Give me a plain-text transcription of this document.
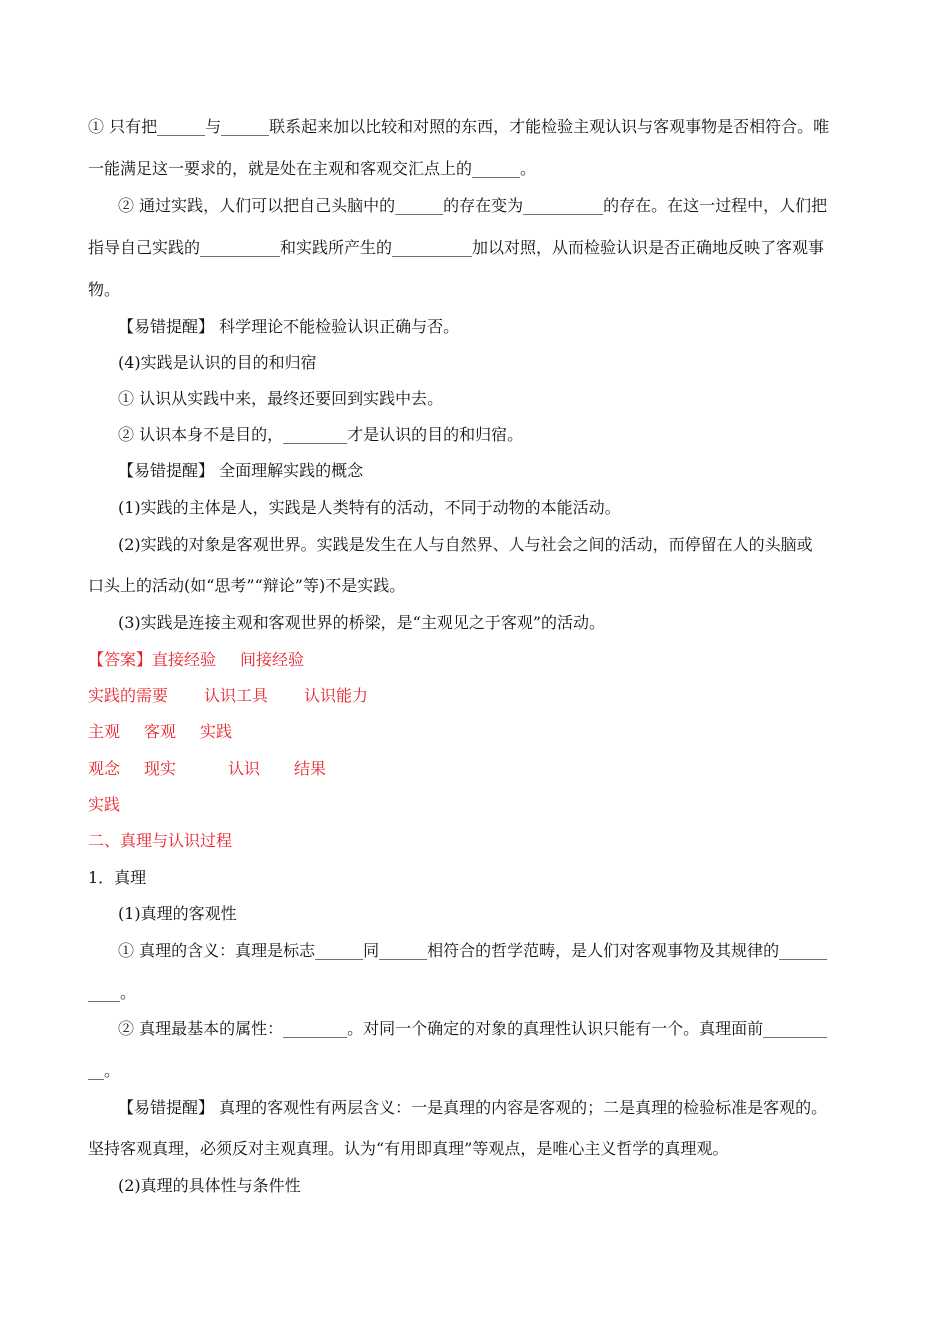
① 只有把______与______联系起来加以比较和对照的东西，才能检验主观认识与客观事物是否相符合。唯

一能满足这一要求的，就是处在主观和客观交汇点上的______。

② 通过实践，人们可以把自己头脑中的______的存在变为__________的存在。在这一过程中，人们把

指导自己实践的__________和实践所产生的__________加以对照，从而检验认识是否正确地反映了客观事

物。

【易错提醒】 科学理论不能检验认识正确与否。

(4)实践是认识的目的和归宿

① 认识从实践中来，最终还要回到实践中去。

② 认识本身不是目的，________才是认识的目的和归宿。

【易错提醒】 全面理解实践的概念

(1)实践的主体是人，实践是人类特有的活动，不同于动物的本能活动。

(2)实践的对象是客观世界。实践是发生在人与自然界、人与社会之间的活动，而停留在人的头脑或

口头上的活动(如“思考”“辩论”等)不是实践。

(3)实践是连接主观和客观世界的桥梁，是“主观见之于客观”的活动。

【答案】直接经验 间接经验

实践的需要 认识工具 认识能力

主观 客观 实践

观念 现实	认识 结果

实践

二、真理与认识过程

1．真理

(1)真理的客观性

① 真理的含义：真理是标志______同______相符合的哲学范畴，是人们对客观事物及其规律的______

____。

② 真理最基本的属性：________。对同一个确定的对象的真理性认识只能有一个。真理面前________

__。

【易错提醒】 真理的客观性有两层含义：一是真理的内容是客观的；二是真理的检验标准是客观的。

坚持客观真理，必须反对主观真理。认为“有用即真理”等观点，是唯心主义哲学的真理观。

(2)真理的具体性与条件性
